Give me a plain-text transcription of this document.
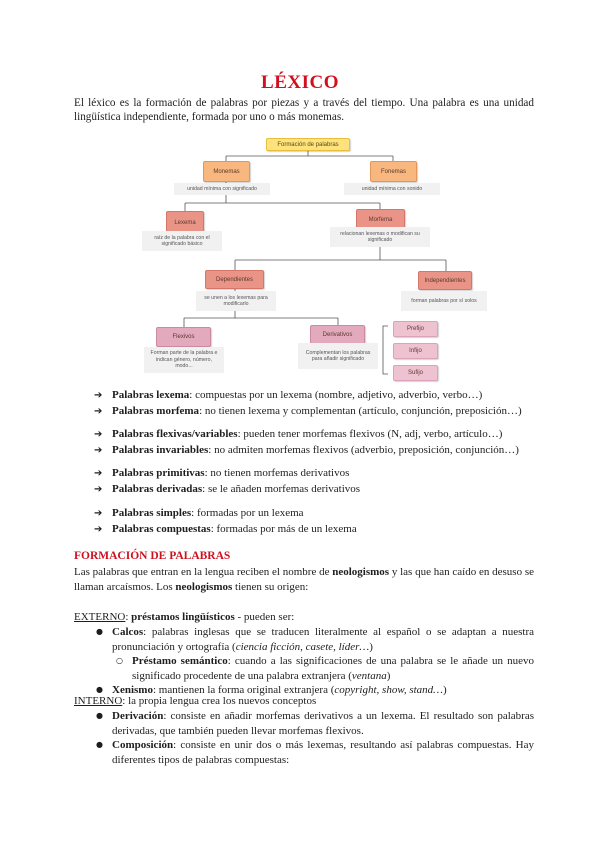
LÉXICO
El léxico es la formación de palabras por piezas y a través del tiempo. Una palabra es una unidad lingüística independiente, formada por uno o más monemas.
Formación de palabras
Monemas
unidad mínima con significado
Fonemas
unidad mínima con sonido
Lexema
raíz de la palabra con el significado básico
Morfema
relacionan lexemas o modifican su significado
Dependientes
se unen a los lexemas para modificarlo
Independientes
forman palabras por sí solos
Flexivos
Forman parte de la palabra e indican género, número, modo...
Derivativos
Complementan los palabras para añadir significado
Prefijo
Infijo
Sufijo
➔ Palabras lexema: compuestas por un lexema (nombre, adjetivo, adverbio, verbo…)
➔ Palabras morfema: no tienen lexema y complementan (artículo, conjunción, preposición…)
➔ Palabras flexivas/variables: pueden tener morfemas flexivos (N, adj, verbo, artículo…)
➔ Palabras invariables: no admiten morfemas flexivos (adverbio, preposición, conjunción…)
➔ Palabras primitivas: no tienen morfemas derivativos
➔ Palabras derivadas: se le añaden morfemas derivativos
➔ Palabras simples: formadas por un lexema
➔ Palabras compuestas: formadas por más de un lexema
FORMACIÓN DE PALABRAS
Las palabras que entran en la lengua reciben el nombre de neologismos y las que han caído en desuso se llaman arcaísmos. Los neologismos tienen su origen:
EXTERNO: préstamos lingüísticos - pueden ser:
● Calcos: palabras inglesas que se traducen literalmente al español o se adaptan a nuestra pronunciación y ortografía (ciencia ficción, casete, líder…)
○ Préstamo semántico: cuando a las significaciones de una palabra se le añade un nuevo significado procedente de una palabra extranjera (ventana)
● Xenismo: mantienen la forma original extranjera (copyright, show, stand…)
INTERNO: la propia lengua crea los nuevos conceptos
● Derivación: consiste en añadir morfemas derivativos a un lexema. El resultado son palabras derivadas, que también pueden llevar morfemas flexivos.
● Composición: consiste en unir dos o más lexemas, resultando así palabras compuestas. Hay diferentes tipos de palabras compuestas:
